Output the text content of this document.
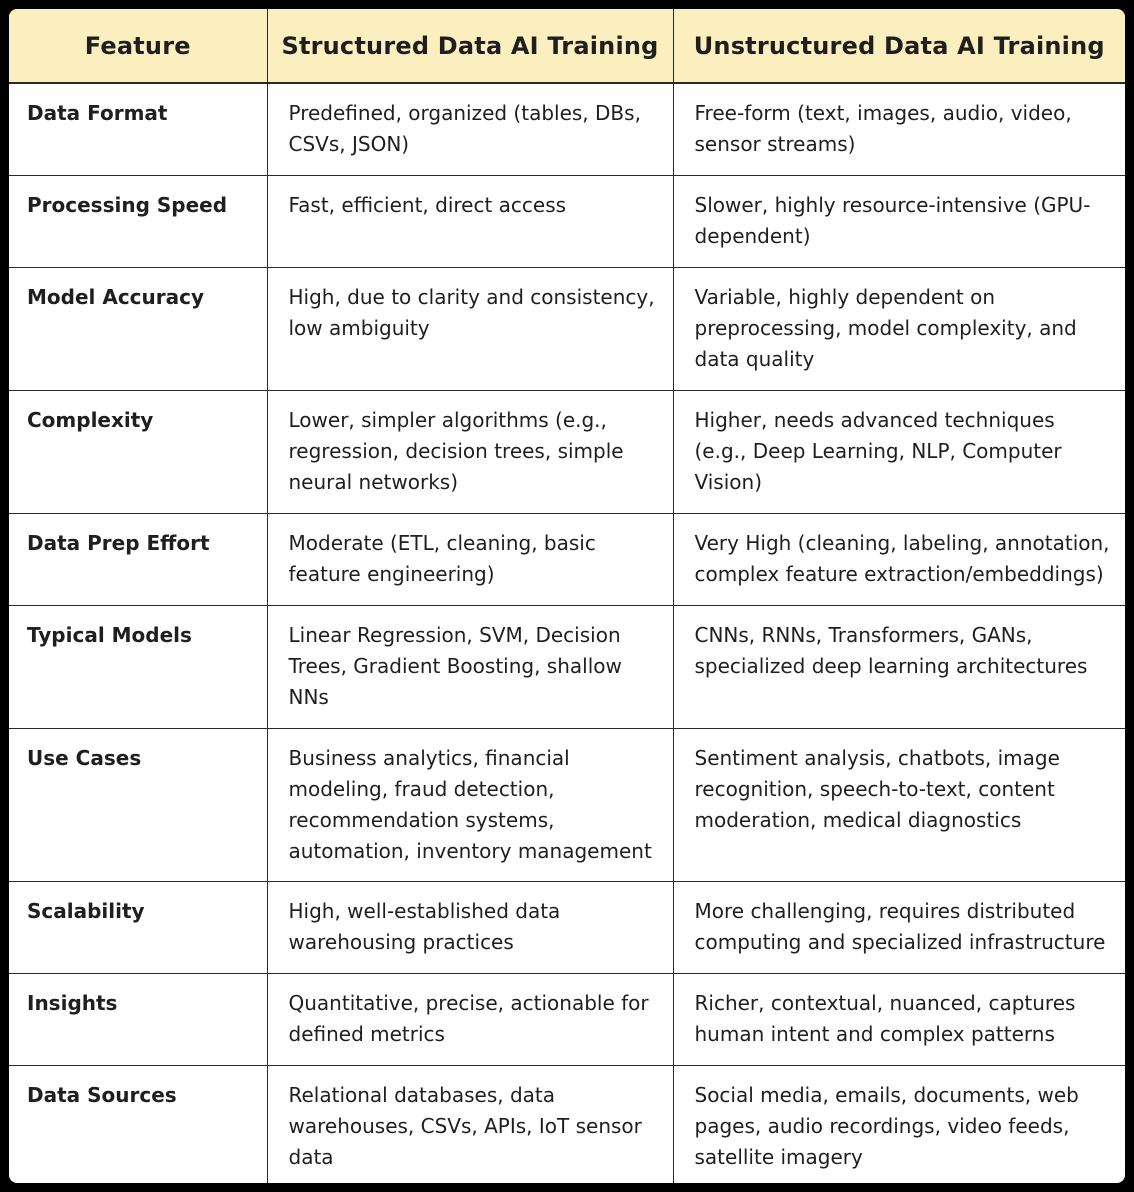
Feature	Structured Data AI Training	Unstructured Data AI Training
Data Format	Predefined, organized (tables, DBs, CSVs, JSON)	Free-form (text, images, audio, video, sensor streams)
Processing Speed	Fast, efficient, direct access	Slower, highly resource-intensive (GPU-dependent)
Model Accuracy	High, due to clarity and consistency, low ambiguity	Variable, highly dependent on preprocessing, model complexity, and data quality
Complexity	Lower, simpler algorithms (e.g., regression, decision trees, simple neural networks)	Higher, needs advanced techniques (e.g., Deep Learning, NLP, Computer Vision)
Data Prep Effort	Moderate (ETL, cleaning, basic feature engineering)	Very High (cleaning, labeling, annotation, complex feature extraction/embeddings)
Typical Models	Linear Regression, SVM, Decision Trees, Gradient Boosting, shallow NNs	CNNs, RNNs, Transformers, GANs, specialized deep learning architectures
Use Cases	Business analytics, financial modeling, fraud detection, recommendation systems, automation, inventory management	Sentiment analysis, chatbots, image recognition, speech-to-text, content moderation, medical diagnostics
Scalability	High, well-established data warehousing practices	More challenging, requires distributed computing and specialized infrastructure
Insights	Quantitative, precise, actionable for defined metrics	Richer, contextual, nuanced, captures human intent and complex patterns
Data Sources	Relational databases, data warehouses, CSVs, APIs, IoT sensor data	Social media, emails, documents, web pages, audio recordings, video feeds, satellite imagery
